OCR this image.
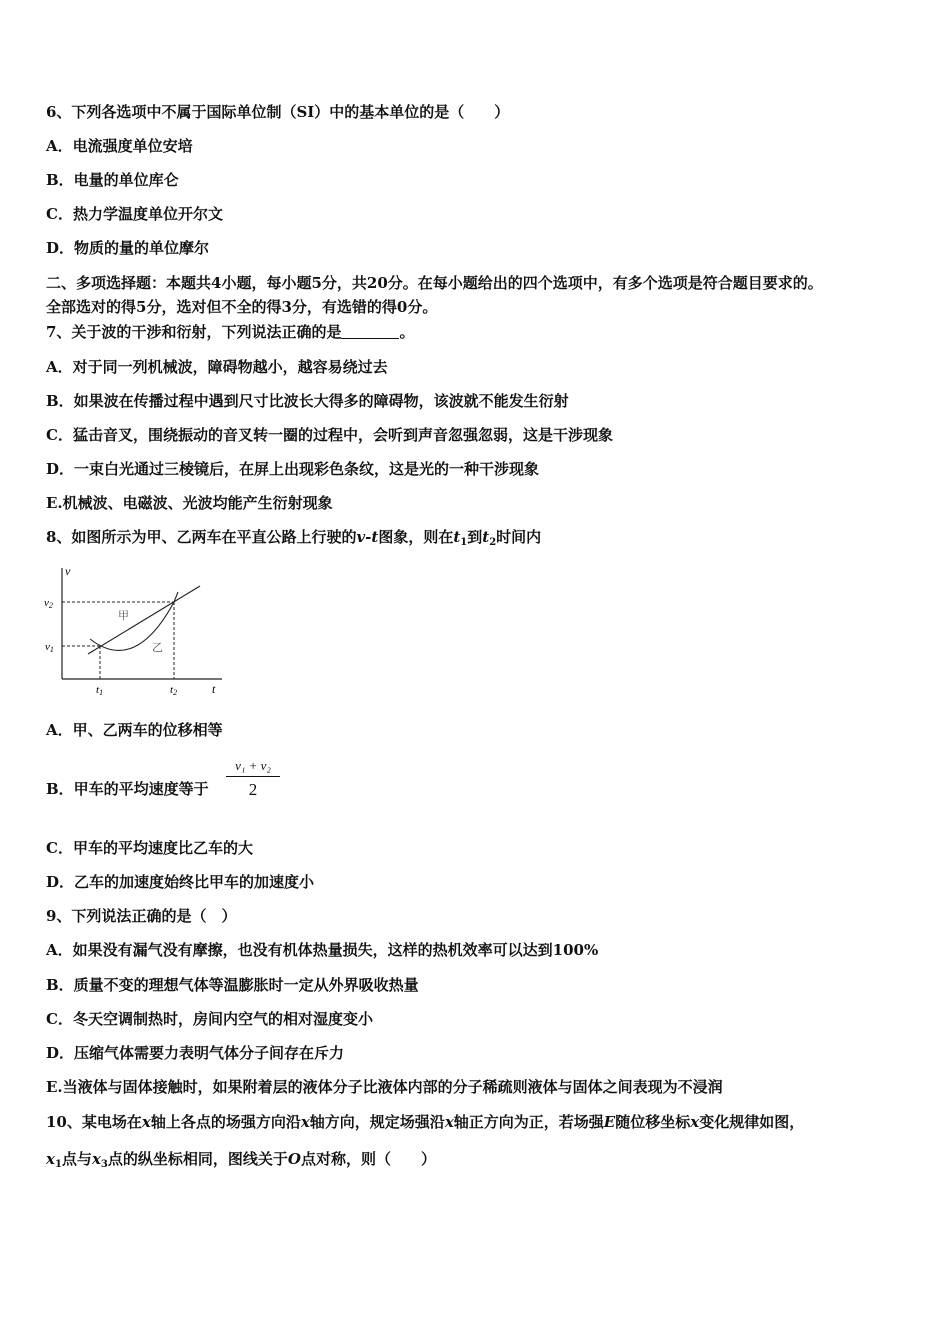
6、下列各选项中不属于国际单位制（SI）中的基本单位的是（　　）
A．电流强度单位安培
B．电量的单位库仑
C．热力学温度单位开尔文
D．物质的量的单位摩尔
二、多项选择题：本题共4小题，每小题5分，共20分。在每小题给出的四个选项中，有多个选项是符合题目要求的。
全部选对的得5分，选对但不全的得3分，有选错的得0分。
7、关于波的干涉和衍射，下列说法正确的是	。
A．对于同一列机械波，障碍物越小，越容易绕过去
B．如果波在传播过程中遇到尺寸比波长大得多的障碍物，该波就不能发生衍射
C．猛击音叉，围绕振动的音叉转一圈的过程中，会听到声音忽强忽弱，这是干涉现象
D．一束白光通过三棱镜后，在屏上出现彩色条纹，这是光的一种干涉现象
E.机械波、电磁波、光波均能产生衍射现象
8、如图所示为甲、乙两车在平直公路上行驶的v-t图象，则在$t_1$到$t_2$时间内
v
t
v2
v1
t1	t2
甲
乙
A．甲、乙两车的位移相等
B．甲车的平均速度等于
v₁ + v₂
2
C．甲车的平均速度比乙车的大
D．乙车的加速度始终比甲车的加速度小
9、下列说法正确的是（　）
A．如果没有漏气没有摩擦，也没有机体热量损失，这样的热机效率可以达到100%
B．质量不变的理想气体等温膨胀时一定从外界吸收热量
C．冬天空调制热时，房间内空气的相对湿度变小
D．压缩气体需要力表明气体分子间存在斥力
E.当液体与固体接触时，如果附着层的液体分子比液体内部的分子稀疏则液体与固体之间表现为不浸润
10、某电场在x轴上各点的场强方向沿x轴方向，规定场强沿x轴正方向为正，若场强E随位移坐标x变化规律如图，
$x_1$点与$x_3$点的纵坐标相同，图线关于O点对称，则（　　）
